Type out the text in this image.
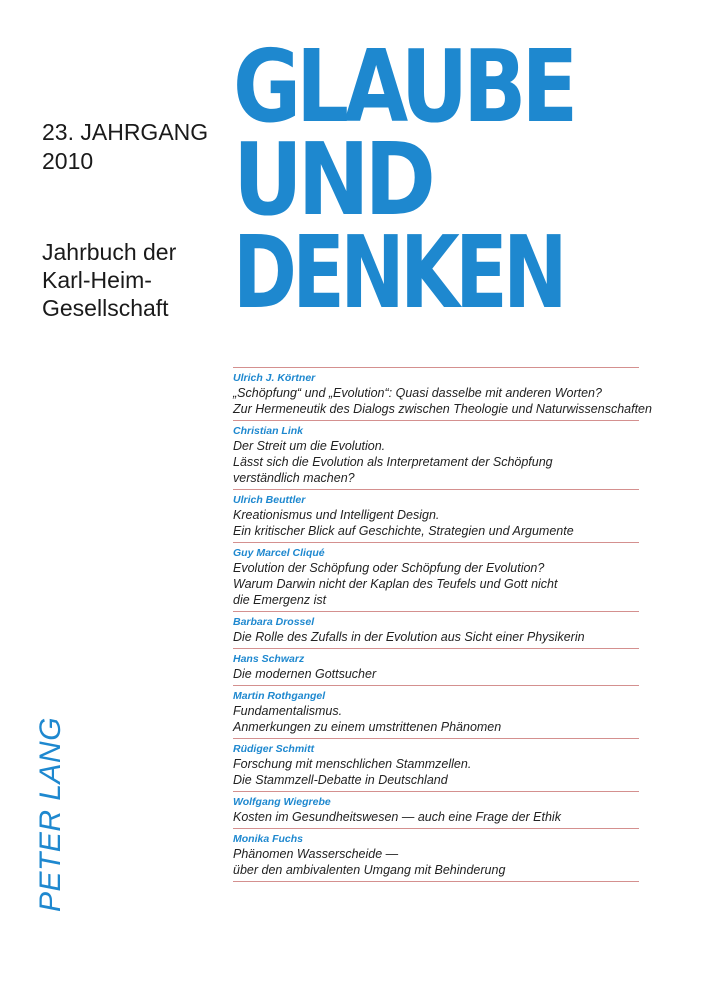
23. JAHRGANG
2010
Jahrbuch der
Karl-Heim-
Gesellschaft
GLAUBE
UND
DENKEN
PETER LANG
Ulrich J. Körtner
„Schöpfung“ und „Evolution“: Quasi dasselbe mit anderen Worten?
Zur Hermeneutik des Dialogs zwischen Theologie und Naturwissenschaften
Christian Link
Der Streit um die Evolution.
Lässt sich die Evolution als Interpretament der Schöpfung
verständlich machen?
Ulrich Beuttler
Kreationismus und Intelligent Design.
Ein kritischer Blick auf Geschichte, Strategien und Argumente
Guy Marcel Cliqué
Evolution der Schöpfung oder Schöpfung der Evolution?
Warum Darwin nicht der Kaplan des Teufels und Gott nicht
die Emergenz ist
Barbara Drossel
Die Rolle des Zufalls in der Evolution aus Sicht einer Physikerin
Hans Schwarz
Die modernen Gottsucher
Martin Rothgangel
Fundamentalismus.
Anmerkungen zu einem umstrittenen Phänomen
Rüdiger Schmitt
Forschung mit menschlichen Stammzellen.
Die Stammzell-Debatte in Deutschland
Wolfgang Wiegrebe
Kosten im Gesundheitswesen — auch eine Frage der Ethik
Monika Fuchs
Phänomen Wasserscheide —
über den ambivalenten Umgang mit Behinderung
